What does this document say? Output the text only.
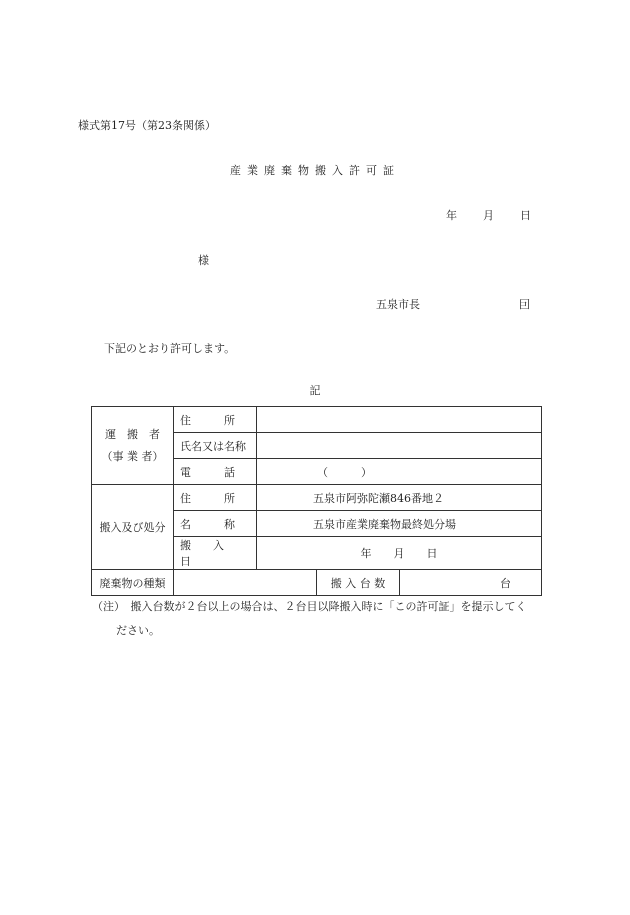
様式第17号（第23条関係）
産業廃棄物搬入許可証
年 月 日
様
五泉市長	囙
下記のとおり許可します。
記
運　搬　者
（事 業 者）	住　　　所			
	氏名又は名称			
	電　　　話	（　　　）		
搬入及び処分	住　　　所	五泉市阿弥陀瀬846番地２		
	名　　　称	五泉市産業廃棄物最終処分場		
	搬　　入　　日	年　　月　　日		
廃棄物の種類			搬 入 台 数	台
（注）　搬入台数が２台以上の場合は、２台目以降搬入時に「この許可証」を提示してく
ださい。
